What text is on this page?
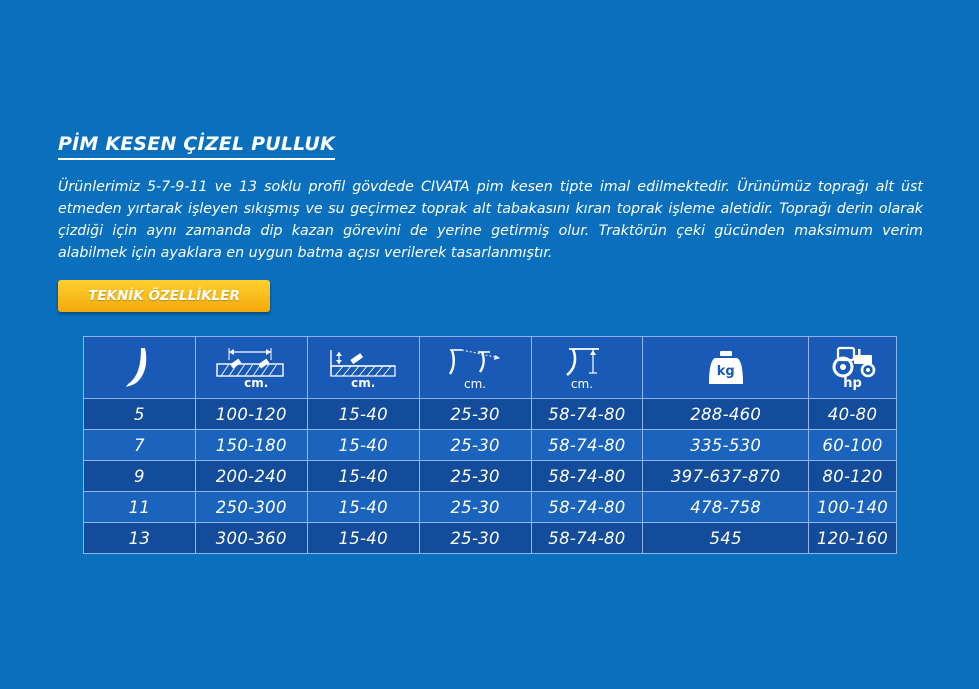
PİM KESEN ÇİZEL PULLUK
Ürünlerimiz 5-7-9-11 ve 13 soklu profil gövdede CIVATA pim kesen tipte imal edilmektedir. Ürünümüz toprağı alt üst etmeden yırtarak işleyen sıkışmış ve su geçirmez toprak alt tabakasını kıran toprak işleme aletidir. Toprağı derin olarak çizdiği için aynı zamanda dip kazan görevini de yerine getirmiş olur. Traktörün çeki gücünden maksimum verim alabilmek için ayaklara en uygun batma açısı verilerek tasarlanmıştır.
TEKNİK ÖZELLİKLER

cm.	cm.	cm.	cm.	kg	hp

5	100-120	15-40	25-30	58-74-80	288-460	40-80
7	150-180	15-40	25-30	58-74-80	335-530	60-100
9	200-240	15-40	25-30	58-74-80	397-637-870	80-120
11	250-300	15-40	25-30	58-74-80	478-758	100-140
13	300-360	15-40	25-30	58-74-80	545	120-160
